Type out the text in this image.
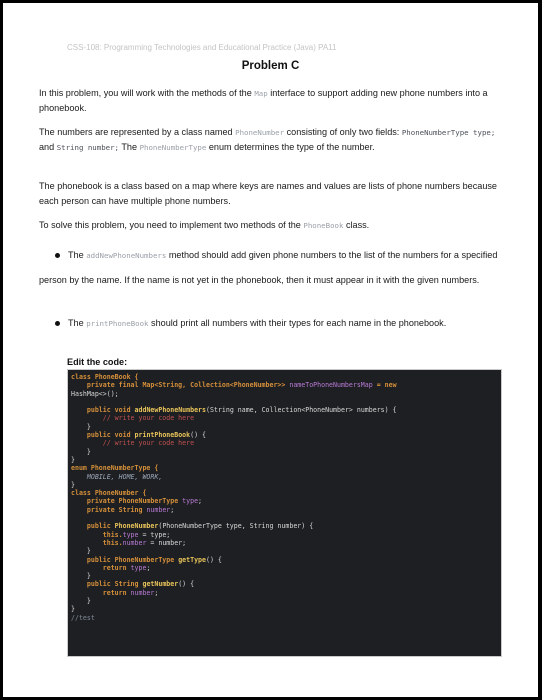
CSS-108: Programming Technologies and Educational Practice (Java) PA11
Problem C
In this problem, you will work with the methods of the Map interface to support adding new phone numbers into a phonebook.
The numbers are represented by a class named PhoneNumber consisting of only two fields: PhoneNumberType type; and String number; The PhoneNumberType enum determines the type of the number.
The phonebook is a class based on a map where keys are names and values are lists of phone numbers because each person can have multiple phone numbers.
To solve this problem, you need to implement two methods of the PhoneBook class.
The addNewPhoneNumbers method should add given phone numbers to the list of the numbers for a specified person by the name. If the name is not yet in the phonebook, then it must appear in it with the given numbers.
The printPhoneBook should print all numbers with their types for each name in the phonebook.
Edit the code:
class PhoneBook {
private final Map<String, Collection<PhoneNumber>> nameToPhoneNumbersMap = new
HashMap<>();

public void addNewPhoneNumbers(String name, Collection<PhoneNumber> numbers) {
// write your code here
}
public void printPhoneBook() {
// write your code here
}
}
enum PhoneNumberType {
MOBILE, HOME, WORK,
}
class PhoneNumber {
private PhoneNumberType type;
private String number;

public PhoneNumber(PhoneNumberType type, String number) {
this.type = type;
this.number = number;
}
public PhoneNumberType getType() {
return type;
}
public String getNumber() {
return number;
}
}
//test
